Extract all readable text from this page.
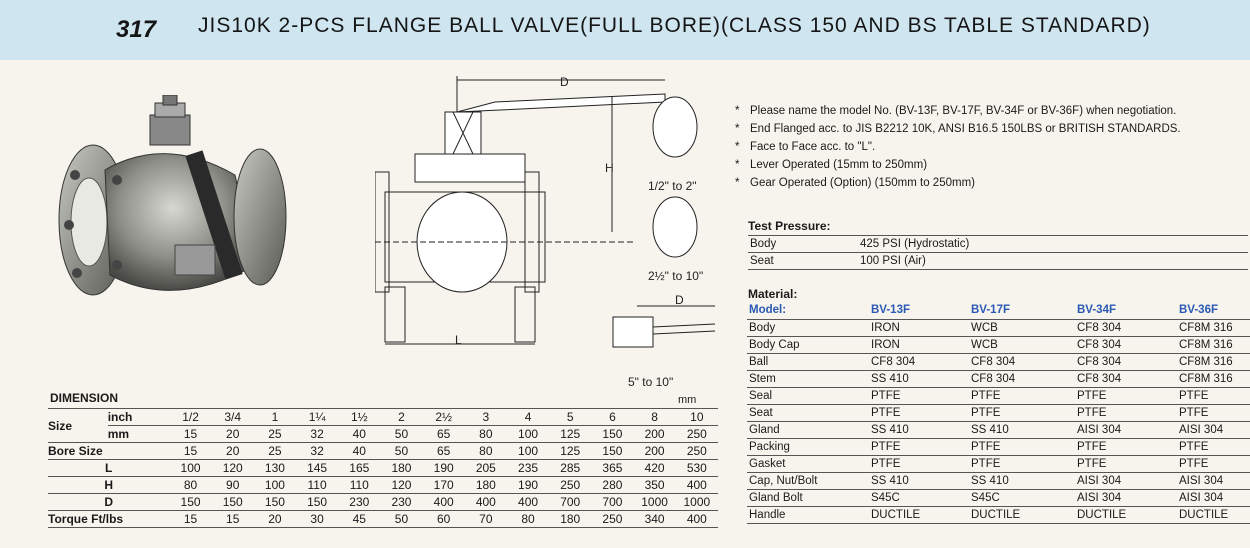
317 JIS10K 2-PCS FLANGE BALL VALVE(FULL BORE)(CLASS 150 AND BS TABLE STANDARD)
D
H
L
D
1/2" to 2"
2½" to 10"
5" to 10"
* Please name the model No. (BV-13F, BV-17F, BV-34F or BV-36F) when negotiation.
* End Flanged acc. to JIS B2212 10K, ANSI B16.5 150LBS or BRITISH STANDARDS.
* Face to Face acc. to "L".
* Lever Operated (15mm to 250mm)
* Gear Operated (Option) (150mm to 250mm)
Test Pressure:
Body	425 PSI (Hydrostatic)
Seat	100 PSI (Air)
Material:
Model:	BV-13F	BV-17F	BV-34F	BV-36F
Body	IRON	WCB	CF8 304	CF8M 316
Body Cap	IRON	WCB	CF8 304	CF8M 316
Ball	CF8 304	CF8 304	CF8 304	CF8M 316
Stem	SS 410	CF8 304	CF8 304	CF8M 316
Seal	PTFE	PTFE	PTFE	PTFE
Seat	PTFE	PTFE	PTFE	PTFE
Gland	SS 410	SS 410	AISI 304	AISI 304
Packing	PTFE	PTFE	PTFE	PTFE
Gasket	PTFE	PTFE	PTFE	PTFE
Cap, Nut/Bolt	SS 410	SS 410	AISI 304	AISI 304
Gland Bolt	S45C	S45C	AISI 304	AISI 304
Handle	DUCTILE	DUCTILE	DUCTILE	DUCTILE
DIMENSION	mm
Size	inch	1/2	3/4	1	1¼	1½	2	2½	3	4	5	6	8	10
	mm	15	20	25	32	40	50	65	80	100	125	150	200	250
Bore Size		15	20	25	32	40	50	65	80	100	125	150	200	250
L		100	120	130	145	165	180	190	205	235	285	365	420	530
H		80	90	100	110	110	120	170	180	190	250	280	350	400
D		150	150	150	150	230	230	400	400	400	700	700	1000	1000
Torque Ft/lbs		15	15	20	30	45	50	60	70	80	180	250	340	400
